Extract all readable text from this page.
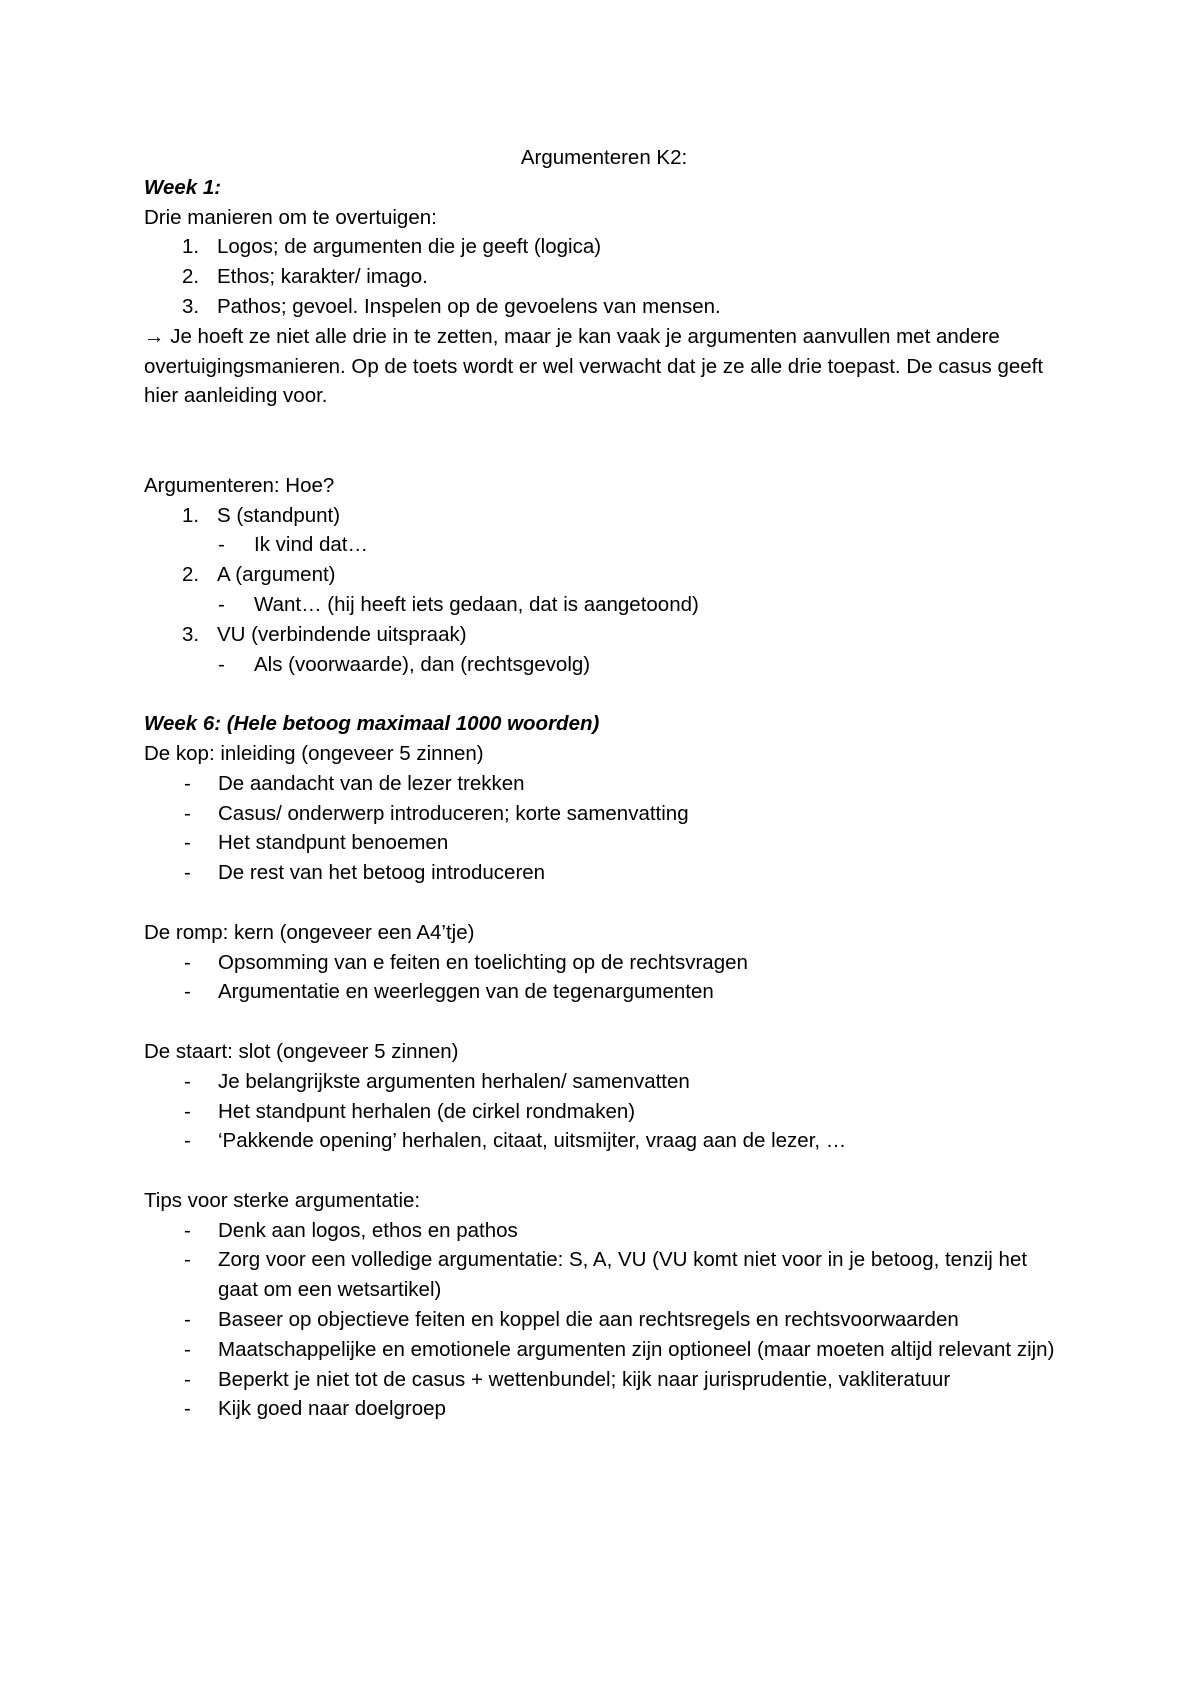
Argumenteren K2:

Week 1:

Drie manieren om te overtuigen:

1. Logos; de argumenten die je geeft (logica)
2. Ethos; karakter/ imago.
3. Pathos; gevoel. Inspelen op de gevoelens van mensen.

→ Je hoeft ze niet alle drie in te zetten, maar je kan vaak je argumenten aanvullen met andere overtuigingsmanieren. Op de toets wordt er wel verwacht dat je ze alle drie toepast. De casus geeft hier aanleiding voor.

Argumenteren: Hoe?

1. S (standpunt)
- Ik vind dat…
2. A (argument)
- Want… (hij heeft iets gedaan, dat is aangetoond)
3. VU (verbindende uitspraak)
- Als (voorwaarde), dan (rechtsgevolg)

Week 6: (Hele betoog maximaal 1000 woorden)

De kop: inleiding (ongeveer 5 zinnen)

- De aandacht van de lezer trekken
- Casus/ onderwerp introduceren; korte samenvatting
- Het standpunt benoemen
- De rest van het betoog introduceren

De romp: kern (ongeveer een A4’tje)

- Opsomming van e feiten en toelichting op de rechtsvragen
- Argumentatie en weerleggen van de tegenargumenten

De staart: slot (ongeveer 5 zinnen)

- Je belangrijkste argumenten herhalen/ samenvatten
- Het standpunt herhalen (de cirkel rondmaken)
- ‘Pakkende opening’ herhalen, citaat, uitsmijter, vraag aan de lezer, …

Tips voor sterke argumentatie:

- Denk aan logos, ethos en pathos
- Zorg voor een volledige argumentatie: S, A, VU (VU komt niet voor in je betoog, tenzij het gaat om een wetsartikel)
- Baseer op objectieve feiten en koppel die aan rechtsregels en rechtsvoorwaarden
- Maatschappelijke en emotionele argumenten zijn optioneel (maar moeten altijd relevant zijn)
- Beperkt je niet tot de casus + wettenbundel; kijk naar jurisprudentie, vakliteratuur
- Kijk goed naar doelgroep
